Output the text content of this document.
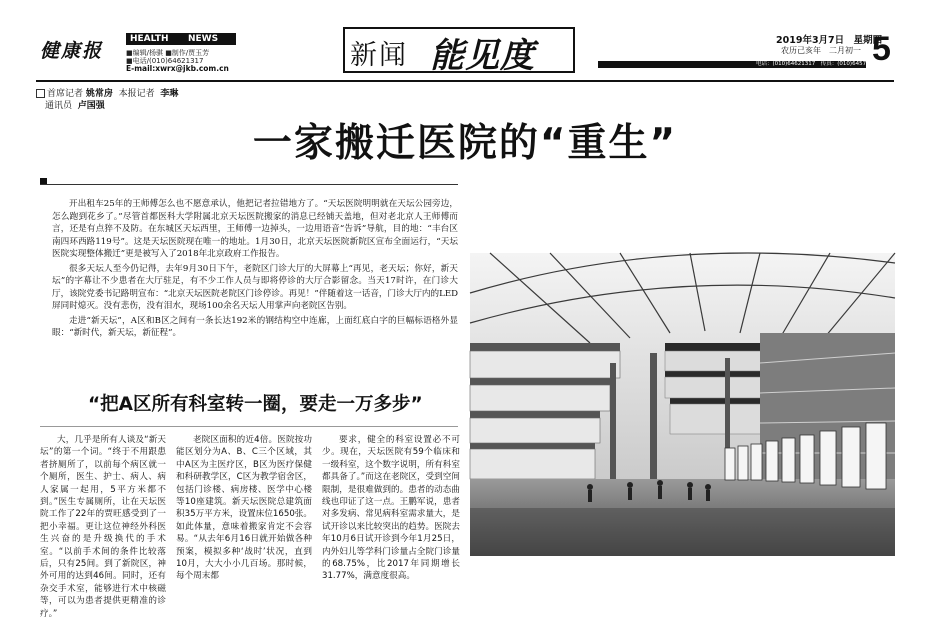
健康报
HEALTH	NEWS
■编辑/杨骐 ■制作/贾玉芳
■电话/(010)64621317
E-mail:xwrx@jkb.com.cn	新闻 能见度	2019年3月7日　星期四
农历己亥年　二月初一 5
电话：(010)64621317　传真：(010)64570947
首席记者 姚常房 本报记者 李琳
通讯员 卢国强
一家搬迁医院的“重生”

开出租车25年的王师傅怎么也不愿意承认，他把记者拉错地方了。“天坛医院明明就在天坛公园旁边，怎么跑到花乡了。”尽管首都医科大学附属北京天坛医院搬家的消息已经铺天盖地，但对老北京人王师傅而言，还是有点猝不及防。在东城区天坛西里，王师傅一边掉头，一边用语音“告诉”导航，目的地：“丰台区南四环西路119号”。这是天坛医院现在唯一的地址。1月30日，北京天坛医院新院区宣布全面运行，“天坛医院实现整体搬迁”更是被写入了2018年北京政府工作报告。

很多天坛人至今仍记得，去年9月30日下午，老院区门诊大厅的大屏幕上“再见，老天坛；你好，新天坛”的字幕让不少患者在大厅驻足，有不少工作人员与即将停诊的大厅合影留念。当天17时许，在门诊大厅，该院党委书记路明宣布：“北京天坛医院老院区门诊停诊。再见！”伴随着这一话音，门诊大厅内的LED屏同时熄灭。没有悲伤，没有泪水，现场100余名天坛人用掌声向老院区告别。

走进“新天坛”，A区和B区之间有一条长达192米的钢结构空中连廊，上面红底白字的巨幅标语格外显眼：“新时代，新天坛，新征程”。

“把A区所有科室转一圈，要走一万多步”

大，几乎是所有人谈及“新天坛”的第一个词。“终于不用跟患者挤厕所了，以前每个病区就一个厕所，医生、护士、病人、病人家属一起用，5平方米都不到。”医生专属厕所，让在天坛医院工作了22年的贾旺感受到了一把小幸福。更让这位神经外科医生兴奋的是升级换代的手术室。“以前手术间的条件比较落后，只有25间。到了新院区，神外可用的达到46间。同时，还有杂交手术室，能够进行术中核磁等，可以为患者提供更精准的诊疗。”

老院区面积的近4倍。医院按功能区划分为A、B、C三个区域，其中A区为主医疗区，B区为医疗保健和科研教学区，C区为教学宿舍区，包括门诊楼、病房楼、医学中心楼等10座建筑。新天坛医院总建筑面积35万平方米，设置床位1650张。如此体量，意味着搬家肯定不会容易。“从去年6月16日就开始做各种预案，模拟多种‘战时’状况，直到10月，大大小小几百场。那时候，每个周末都

要求，健全的科室设置必不可少。现在，天坛医院有59个临床和一级科室，这个数字说明，所有科室都具备了。”而这在老院区，受到空间限制，是很难做到的。患者的动态曲线也印证了这一点。王鹏军说，患者对多发病、常见病科室需求量大，是试开诊以来比较突出的趋势。医院去年10月6日试开诊到今年1月25日，内外妇儿等学科门诊量占全院门诊量的68.75%，比2017年同期增长31.77%，满意度很高。
